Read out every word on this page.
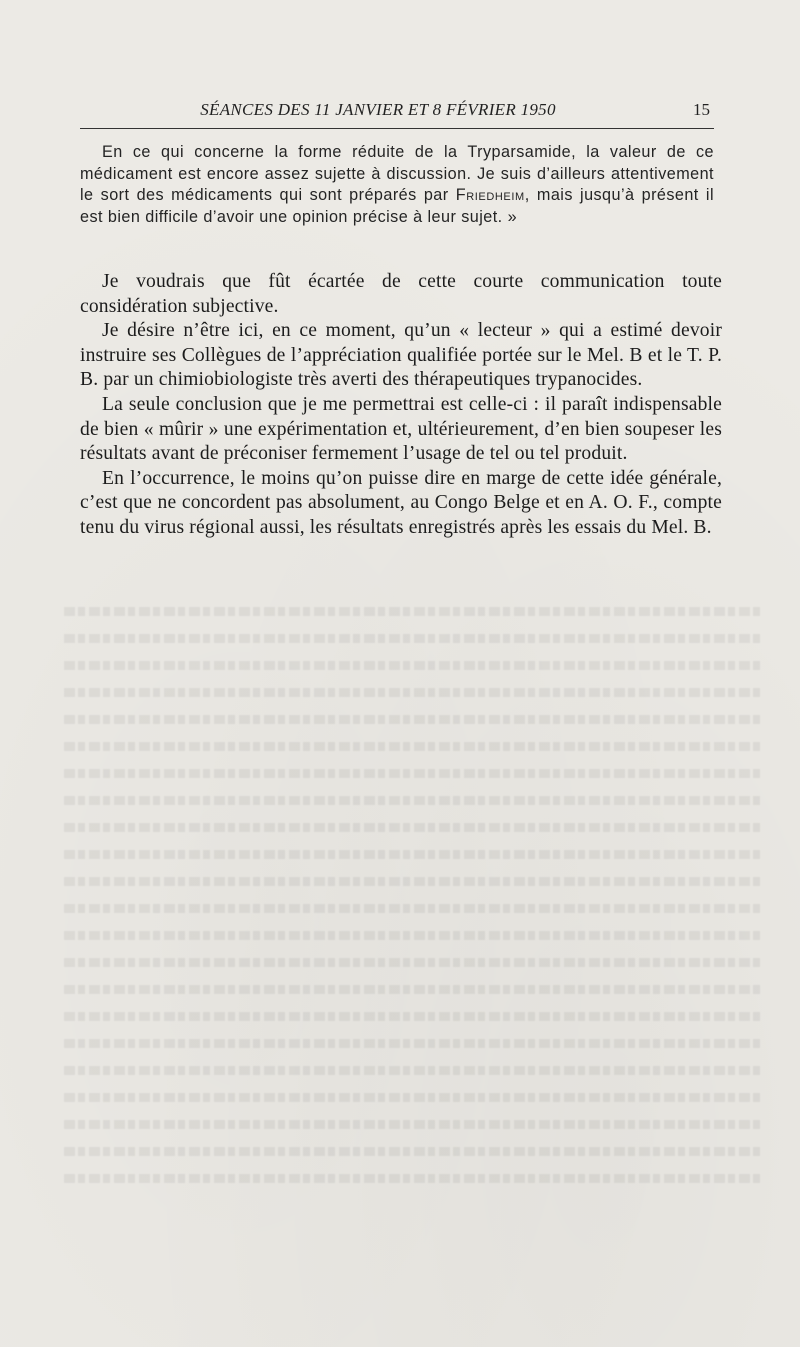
SÉANCES DES 11 JANVIER ET 8 FÉVRIER 1950	15

En ce qui concerne la forme réduite de la Tryparsamide, la valeur de ce médicament est encore assez sujette à discussion. Je suis d’ailleurs attentivement le sort des médicaments qui sont préparés par Friedheim, mais jusqu’à présent il est bien difficile d’avoir une opinion précise à leur sujet. »

Je voudrais que fût écartée de cette courte communication toute considération subjective.

Je désire n’être ici, en ce moment, qu’un « lecteur » qui a estimé devoir instruire ses Collègues de l’appréciation qualifiée portée sur le Mel. B et le T. P. B. par un chimiobiologiste très averti des thérapeutiques trypanocides.

La seule conclusion que je me permettrai est celle-ci : il paraît indispensable de bien « mûrir » une expérimentation et, ultérieurement, d’en bien soupeser les résultats avant de préconiser fermement l’usage de tel ou tel produit.

En l’occurrence, le moins qu’on puisse dire en marge de cette idée générale, c’est que ne concordent pas absolument, au Congo Belge et en A. O. F., compte tenu du virus régional aussi, les résultats enregistrés après les essais du Mel. B.
